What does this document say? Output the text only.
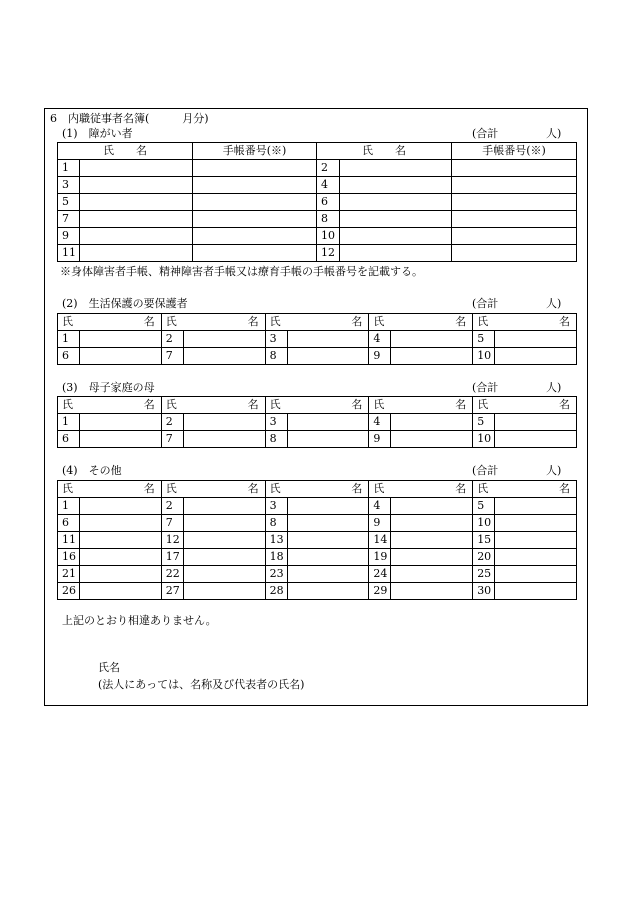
6　内職従事者名簿(　　　月分)
(1)　障がい者	(合計	人)
氏　　名		手帳番号(※)	氏　　名		手帳番号(※)
1			2		
3			4		
5			6		
7			8		
9			10		
11			12		
※身体障害者手帳、精神障害者手帳又は療育手帳の手帳番号を記載する。
(2)　生活保護の要保護者	(合計	人)
氏 名		氏 名		氏 名		氏 名		氏 名	

1		2		3		4		5	
6		7		8		9		10	
(3)　母子家庭の母	(合計	人)
氏 名		氏 名		氏 名		氏 名		氏 名	

1		2		3		4		5	
6		7		8		9		10	
(4)　その他	(合計	人)
氏 名		氏 名		氏 名		氏 名		氏 名	

1		2		3		4		5	
6		7		8		9		10	
11		12		13		14		15	
16		17		18		19		20	
21		22		23		24		25	
26		27		28		29		30	
上記のとおり相違ありません。
氏名
(法人にあっては、名称及び代表者の氏名)
